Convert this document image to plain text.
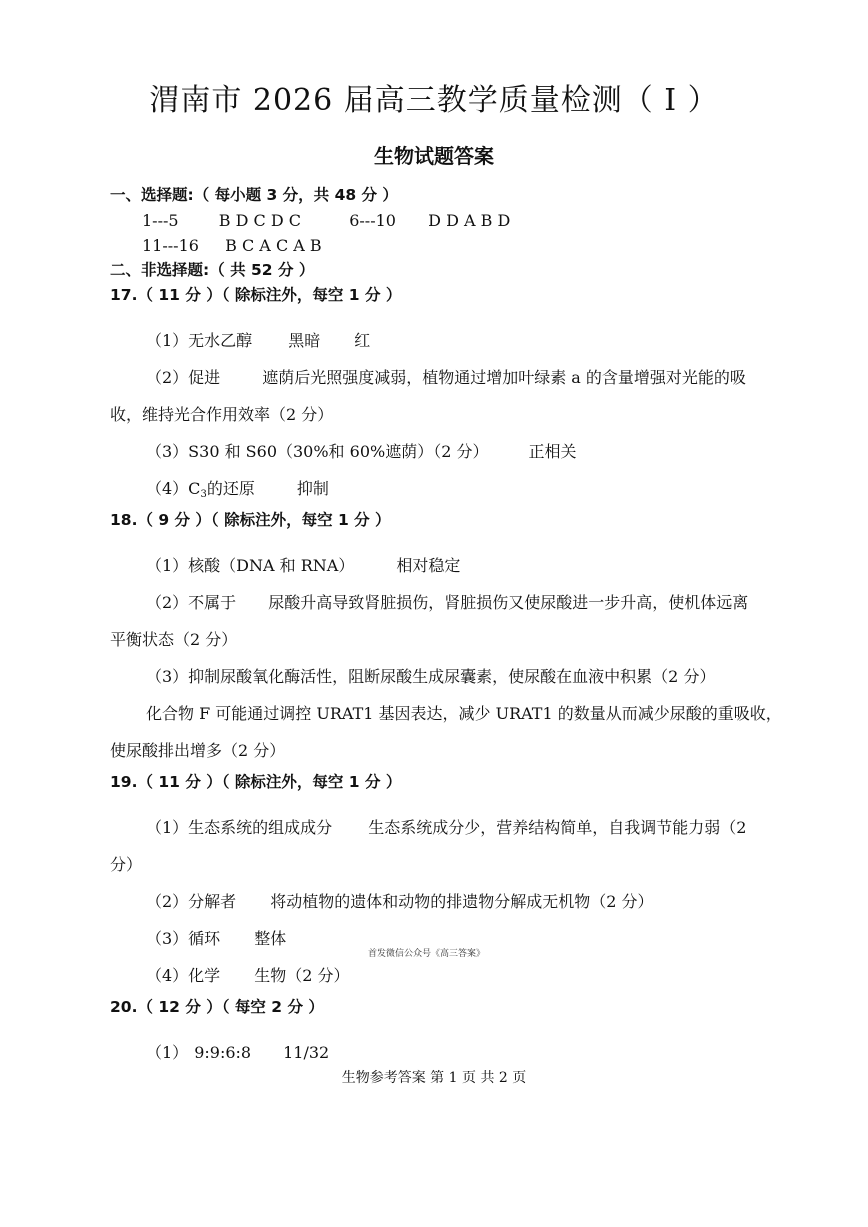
渭南市 2026 届高三教学质量检测（ Ⅰ ）
生物试题答案
一、选择题:（ 每小题 3 分，共 48 分 ）
1---5	B D C D C	6---10 D D A B D
11---16 B C A C A B
二、非选择题:（ 共 52 分 ）
17.（ 11 分 ）（ 除标注外，每空 1 分 ）
（1）无水乙醇 黑暗 红
（2）促进	遮荫后光照强度减弱，植物通过增加叶绿素 a 的含量增强对光能的吸
收，维持光合作用效率（2 分）
（3）S30 和 S60（30%和 60%遮荫）（2 分）	正相关
$(4)C_3$的还原	抑制
18.（ 9 分 ）（ 除标注外，每空 1 分 ）
（1）核酸（DNA 和 RNA）	相对稳定
（2）不属于 尿酸升高导致肾脏损伤，肾脏损伤又使尿酸进一步升高，使机体远离
平衡状态（2 分）
（3）抑制尿酸氧化酶活性，阻断尿酸生成尿囊素，使尿酸在血液中积累（2 分）
化合物 F 可能通过调控 URAT1 基因表达，减少 URAT1 的数量从而减少尿酸的重吸收，
使尿酸排出增多（2 分）
19.（ 11 分 ）（ 除标注外，每空 1 分 ）
（1）生态系统的组成成分 生态系统成分少，营养结构简单，自我调节能力弱（2
分）
（2）分解者 将动植物的遗体和动物的排遗物分解成无机物（2 分）
（3）循环 整体
首发微信公众号《高三答案》
（4）化学 生物（2 分）
20.（ 12 分 ）（ 每空 2 分 ）
（1） 9:9:6:8 11/32
生物参考答案 第 1 页 共 2 页
